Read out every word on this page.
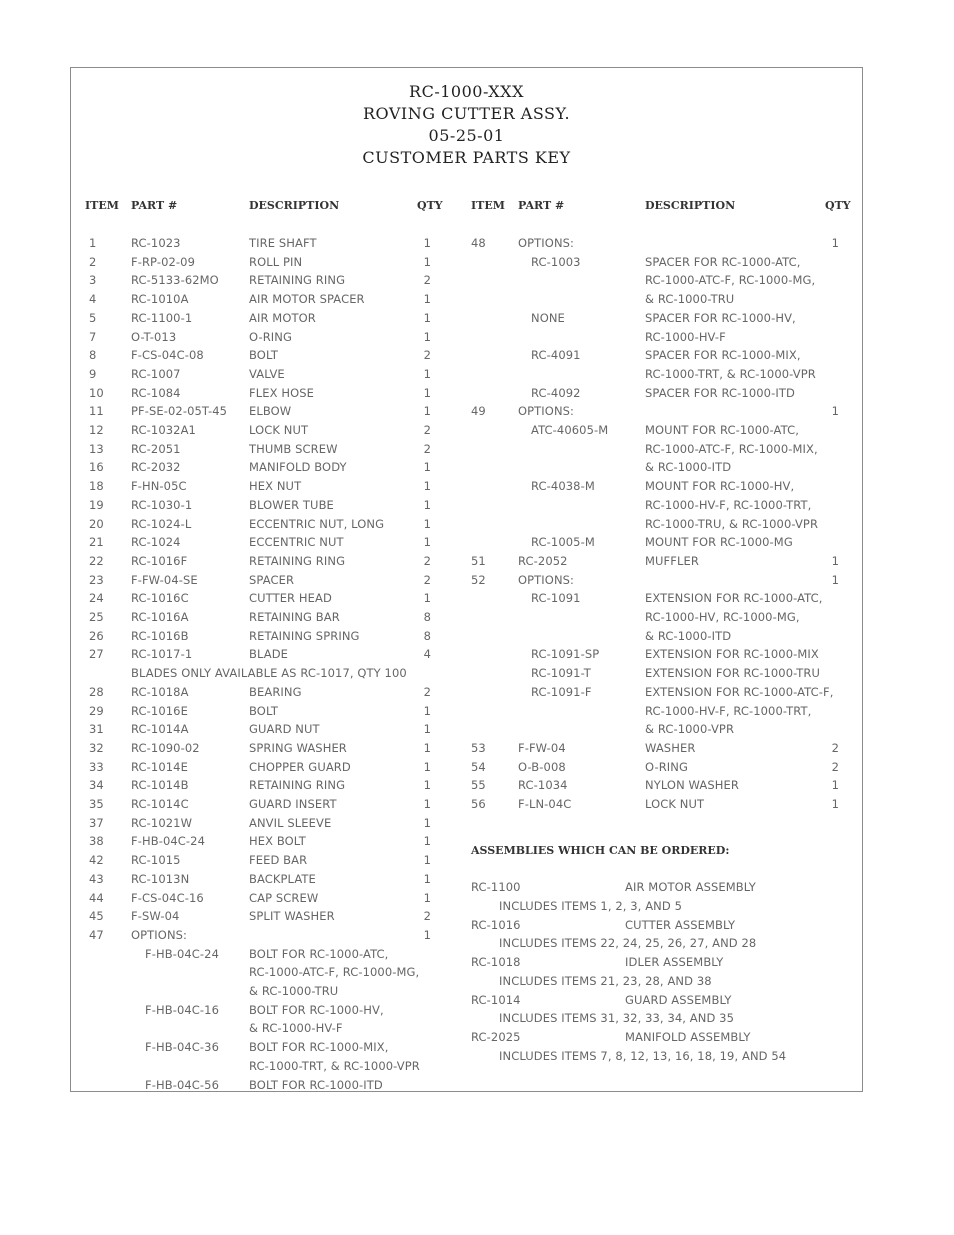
RC-1000-XXX
ROVING CUTTER ASSY.
05-25-01
CUSTOMER PARTS KEY
ITEM PART #	DESCRIPTION	QTY	ITEM PART #	DESCRIPTION	QTY
1	RC-1023	TIRE SHAFT	1
2	F-RP-02-09	ROLL PIN	1
3	RC-5133-62MO	RETAINING RING	2
4	RC-1010A	AIR MOTOR SPACER	1
5	RC-1100-1	AIR MOTOR	1
7	O-T-013	O-RING	1
8	F-CS-04C-08	BOLT	2
9	RC-1007	VALVE	1
10 RC-1084	FLEX HOSE	1
11 PF-SE-02-05T-45 ELBOW	1
12 RC-1032A1	LOCK NUT	2
13 RC-2051	THUMB SCREW	2
16 RC-2032	MANIFOLD BODY	1
18 F-HN-05C	HEX NUT	1
19 RC-1030-1	BLOWER TUBE	1
20 RC-1024-L	ECCENTRIC NUT, LONG	1
21 RC-1024	ECCENTRIC NUT	1
22 RC-1016F	RETAINING RING	2
23 F-FW-04-SE	SPACER	2
24 RC-1016C	CUTTER HEAD	1
25 RC-1016A	RETAINING BAR	8
26 RC-1016B	RETAINING SPRING	8
27 RC-1017-1	BLADE	4
BLADES ONLY AVAILABLE AS RC-1017, QTY 100
28 RC-1018A	BEARING	2
29 RC-1016E	BOLT	1
31 RC-1014A	GUARD NUT	1
32 RC-1090-02	SPRING WASHER	1
33 RC-1014E	CHOPPER GUARD	1
34 RC-1014B	RETAINING RING	1
35 RC-1014C	GUARD INSERT	1
37 RC-1021W	ANVIL SLEEVE	1
38 F-HB-04C-24	HEX BOLT	1
42 RC-1015	FEED BAR	1
43 RC-1013N	BACKPLATE	1
44 F-CS-04C-16	CAP SCREW	1
45 F-SW-04	SPLIT WASHER	2
47 OPTIONS:	1
F-HB-04C-24	BOLT FOR RC-1000-ATC,
RC-1000-ATC-F, RC-1000-MG,
& RC-1000-TRU
F-HB-04C-16	BOLT FOR RC-1000-HV,
& RC-1000-HV-F
F-HB-04C-36	BOLT FOR RC-1000-MIX,
RC-1000-TRT, & RC-1000-VPR
F-HB-04C-56	BOLT FOR RC-1000-ITD
48	OPTIONS:	1
RC-1003	SPACER FOR RC-1000-ATC,
RC-1000-ATC-F, RC-1000-MG,
& RC-1000-TRU
NONE	SPACER FOR RC-1000-HV,
RC-1000-HV-F
RC-4091	SPACER FOR RC-1000-MIX,
RC-1000-TRT, & RC-1000-VPR
RC-4092	SPACER FOR RC-1000-ITD
49	OPTIONS:	1
ATC-40605-M	MOUNT FOR RC-1000-ATC,
RC-1000-ATC-F, RC-1000-MIX,
& RC-1000-ITD
RC-4038-M	MOUNT FOR RC-1000-HV,
RC-1000-HV-F, RC-1000-TRT,
RC-1000-TRU, & RC-1000-VPR
RC-1005-M	MOUNT FOR RC-1000-MG
51	RC-2052	MUFFLER	1
52	OPTIONS:	1
RC-1091	EXTENSION FOR RC-1000-ATC,
RC-1000-HV, RC-1000-MG,
& RC-1000-ITD
RC-1091-SP	EXTENSION FOR RC-1000-MIX
RC-1091-T	EXTENSION FOR RC-1000-TRU
RC-1091-F	EXTENSION FOR RC-1000-ATC-F,
RC-1000-HV-F, RC-1000-TRT,
& RC-1000-VPR
53	F-FW-04	WASHER	2
54	O-B-008	O-RING	2
55	RC-1034	NYLON WASHER	1
56	F-LN-04C	LOCK NUT	1
ASSEMBLIES WHICH CAN BE ORDERED:
RC-1100	AIR MOTOR ASSEMBLY
INCLUDES ITEMS 1, 2, 3, AND 5
RC-1016	CUTTER ASSEMBLY
INCLUDES ITEMS 22, 24, 25, 26, 27, AND 28
RC-1018	IDLER ASSEMBLY
INCLUDES ITEMS 21, 23, 28, AND 38
RC-1014	GUARD ASSEMBLY
INCLUDES ITEMS 31, 32, 33, 34, AND 35
RC-2025	MANIFOLD ASSEMBLY
INCLUDES ITEMS 7, 8, 12, 13, 16, 18, 19, AND 54
